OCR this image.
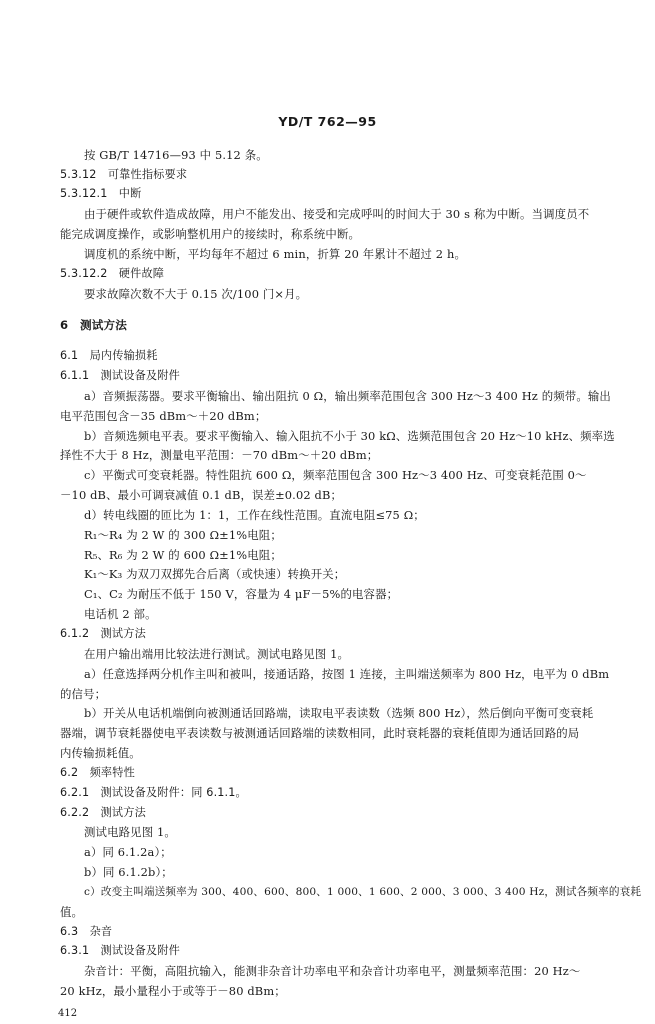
YD/T 762—95
按 GB/T 14716—93 中 5.12 条。
5.3.12　可靠性指标要求
5.3.12.1　中断
由于硬件或软件造成故障，用户不能发出、接受和完成呼叫的时间大于 30 s 称为中断。当调度员不
能完成调度操作，或影响整机用户的接续时，称系统中断。
调度机的系统中断，平均每年不超过 6 min，折算 20 年累计不超过 2 h。
5.3.12.2　硬件故障
要求故障次数不大于 0.15 次/100 门×月。
6　测试方法
6.1　局内传输损耗
6.1.1　测试设备及附件
a）音频振荡器。要求平衡输出、输出阻抗 0 Ω，输出频率范围包含 300 Hz～3 400 Hz 的频带。输出
电平范围包含－35 dBm～＋20 dBm；
b）音频选频电平表。要求平衡输入、输入阻抗不小于 30 kΩ、选频范围包含 20 Hz～10 kHz、频率选
择性不大于 8 Hz，测量电平范围：－70 dBm～＋20 dBm；
c）平衡式可变衰耗器。特性阻抗 600 Ω，频率范围包含 300 Hz～3 400 Hz、可变衰耗范围 0～
－10 dB、最小可调衰减值 0.1 dB，误差±0.02 dB；
d）转电线圈的匝比为 1：1，工作在线性范围。直流电阻≤75 Ω；
R₁～R₄ 为 2 W 的 300 Ω±1%电阻；
R₅、R₆ 为 2 W 的 600 Ω±1%电阻；
K₁～K₃ 为双刀双掷先合后离（或快速）转换开关；
C₁、C₂ 为耐压不低于 150 V，容量为 4 μF－5%的电容器；
电话机 2 部。
6.1.2　测试方法
在用户输出端用比较法进行测试。测试电路见图 1。
a）任意选择两分机作主叫和被叫，接通话路，按图 1 连接，主叫端送频率为 800 Hz，电平为 0 dBm
的信号；
b）开关从电话机端倒向被测通话回路端，读取电平表读数（选频 800 Hz），然后倒向平衡可变衰耗
器端，调节衰耗器使电平表读数与被测通话回路端的读数相同，此时衰耗器的衰耗值即为通话回路的局
内传输损耗值。
6.2　频率特性
6.2.1　测试设备及附件：同 6.1.1。
6.2.2　测试方法
测试电路见图 1。
a）同 6.1.2a）；
b）同 6.1.2b）；
c）改变主叫端送频率为 300、400、600、800、1 000、1 600、2 000、3 000、3 400 Hz，测试各频率的衰耗
值。
6.3　杂音
6.3.1　测试设备及附件
杂音计：平衡，高阻抗输入，能测非杂音计功率电平和杂音计功率电平，测量频率范围：20 Hz～
20 kHz，最小量程小于或等于－80 dBm；
412
